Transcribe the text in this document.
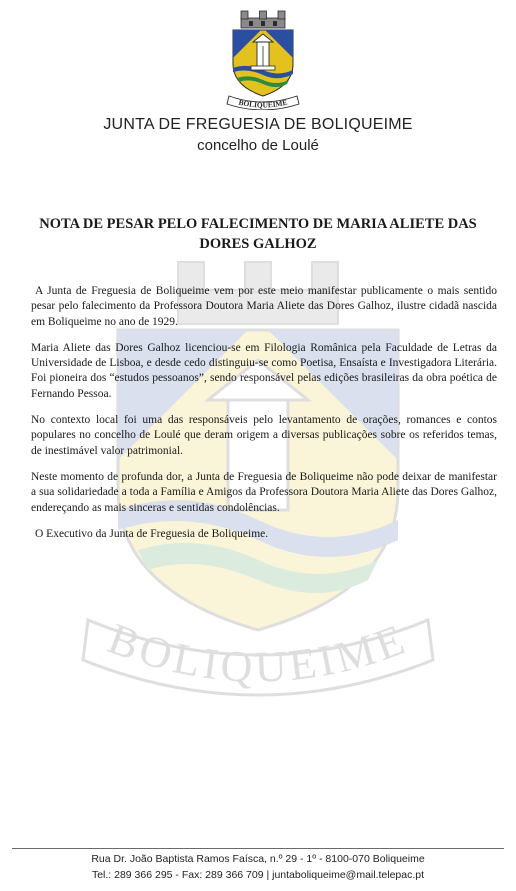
BOLIQUEIME
BOLIQUEIME
JUNTA DE FREGUESIA DE BOLIQUEIME
concelho de Loulé
NOTA DE PESAR PELO FALECIMENTO DE MARIA ALIETE DAS DORES GALHOZ

A Junta de Freguesia de Boliqueime vem por este meio manifestar publicamente o mais sentido pesar pelo falecimento da Professora Doutora Maria Aliete das Dores Galhoz, ilustre cidadã nascida em Boliqueime no ano de 1929.

Maria Aliete das Dores Galhoz licenciou-se em Filologia Românica pela Faculdade de Letras da Universidade de Lisboa, e desde cedo distinguiu-se como Poetisa, Ensaísta e Investigadora Literária. Foi pioneira dos “estudos pessoanos”, sendo responsável pelas edições brasileiras da obra poética de Fernando Pessoa.

No contexto local foi uma das responsáveis pelo levantamento de orações, romances e contos populares no concelho de Loulé que deram origem a diversas publicações sobre os referidos temas, de inestimável valor patrimonial.

Neste momento de profunda dor, a Junta de Freguesia de Boliqueime não pode deixar de manifestar a sua solidariedade a toda a Família e Amigos da Professora Doutora Maria Aliete das Dores Galhoz, endereçando as mais sinceras e sentidas condolências.

O Executivo da Junta de Freguesia de Boliqueime.

Rua Dr. João Baptista Ramos Faísca, n.º 29 - 1º - 8100-070 Boliqueime
Tel.: 289 366 295 - Fax: 289 366 709 | juntaboliqueime@mail.telepac.pt
